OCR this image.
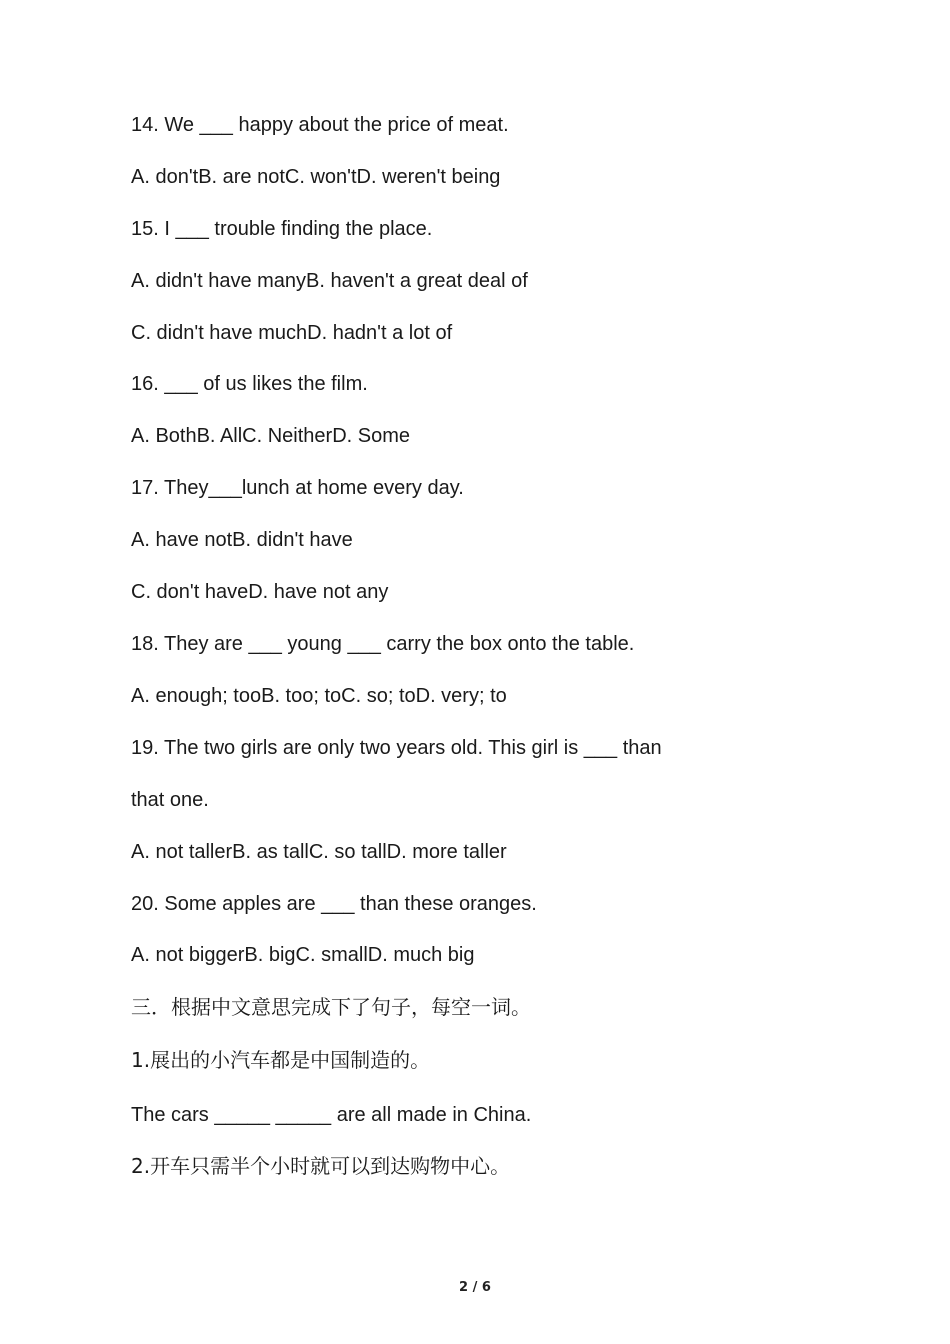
14. We ___ happy about the price of meat.
A. don'tB. are notC. won'tD. weren't being
15. I ___ trouble finding the place.
A. didn't have manyB. haven't a great deal of
C. didn't have muchD. hadn't a lot of
16. ___ of us likes the film.
A. BothB. AllC. NeitherD. Some
17. They___lunch at home every day.
A. have notB. didn't have
C. don't haveD. have not any
18. They are ___ young ___ carry the box onto the table.
A. enough; tooB. too; toC. so; toD. very; to
19. The two girls are only two years old. This girl is ___ than
that one.
A. not tallerB. as tallC. so tallD. more taller
20. Some apples are ___ than these oranges.
A. not biggerB. bigC. smallD. much big
三．根据中文意思完成下了句子，每空一词。
1.展出的小汽车都是中国制造的。
The cars _____ _____ are all made in China.
2.开车只需半个小时就可以到达购物中心。
2 / 6
